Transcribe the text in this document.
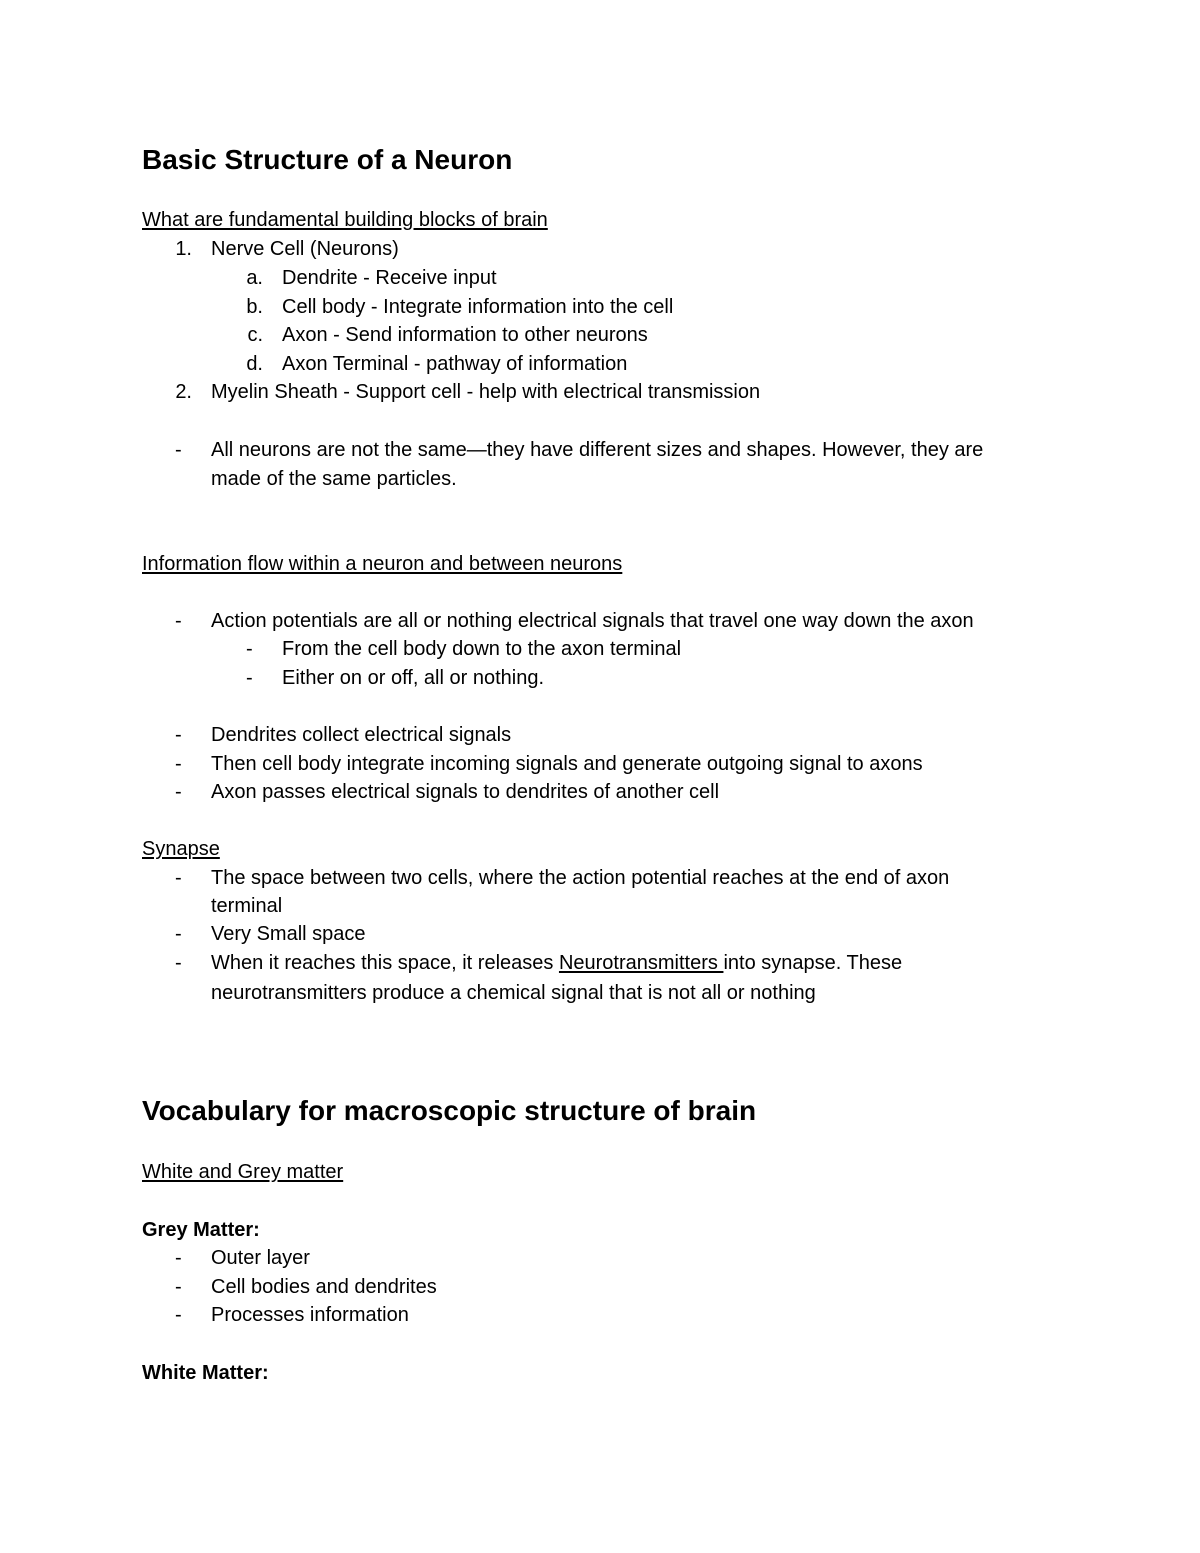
Basic Structure of a Neuron
What are fundamental building blocks of brain
1. Nerve Cell (Neurons)
a. Dendrite - Receive input
b. Cell body - Integrate information into the cell
c. Axon - Send information to other neurons
d. Axon Terminal - pathway of information
2. Myelin Sheath - Support cell - help with electrical transmission
- All neurons are not the same—they have different sizes and shapes. However, they are
made of the same particles.
Information flow within a neuron and between neurons
- Action potentials are all or nothing electrical signals that travel one way down the axon
- From the cell body down to the axon terminal
- Either on or off, all or nothing.
- Dendrites collect electrical signals
- Then cell body integrate incoming signals and generate outgoing signal to axons
- Axon passes electrical signals to dendrites of another cell
Synapse
- The space between two cells, where the action potential reaches at the end of axon
terminal
- Very Small space
- When it reaches this space, it releases Neurotransmitters into synapse. These
neurotransmitters produce a chemical signal that is not all or nothing
Vocabulary for macroscopic structure of brain
White and Grey matter
Grey Matter:
- Outer layer
- Cell bodies and dendrites
- Processes information
White Matter:
